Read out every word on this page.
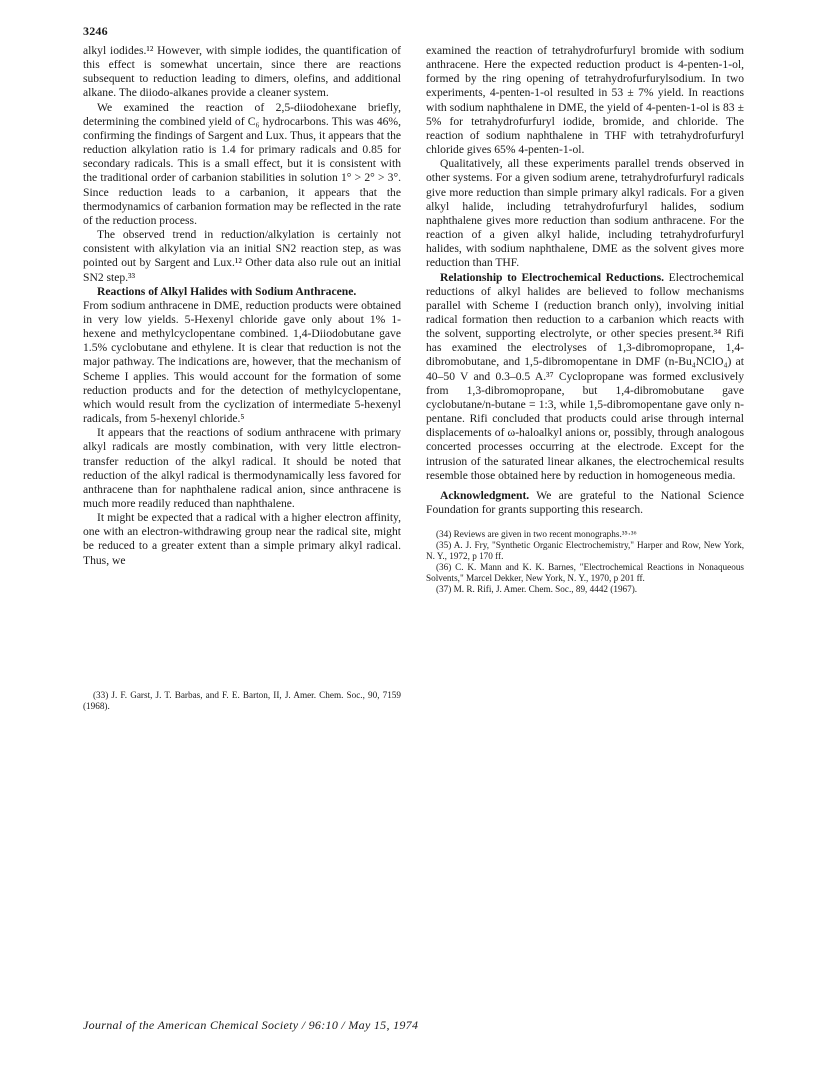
3246

alkyl iodides.¹² However, with simple iodides, the quantification of this effect is somewhat uncertain, since there are reactions subsequent to reduction leading to dimers, olefins, and additional alkane. The diiodo-alkanes provide a cleaner system.

We examined the reaction of 2,5-diiodohexane briefly, determining the combined yield of C₆ hydrocarbons. This was 46%, confirming the findings of Sargent and Lux. Thus, it appears that the reduction alkylation ratio is 1.4 for primary radicals and 0.85 for secondary radicals. This is a small effect, but it is consistent with the traditional order of carbanion stabilities in solution 1° > 2° > 3°. Since reduction leads to a carbanion, it appears that the thermodynamics of carbanion formation may be reflected in the rate of the reduction process.

The observed trend in reduction/alkylation is certainly not consistent with alkylation via an initial SN2 reaction step, as was pointed out by Sargent and Lux.¹² Other data also rule out an initial SN2 step.³³

Reactions of Alkyl Halides with Sodium Anthracene.

From sodium anthracene in DME, reduction products were obtained in very low yields. 5-Hexenyl chloride gave only about 1% 1-hexene and methylcyclopentane combined. 1,4-Diiodobutane gave 1.5% cyclobutane and ethylene. It is clear that reduction is not the major pathway. The indications are, however, that the mechanism of Scheme I applies. This would account for the formation of some reduction products and for the detection of methylcyclopentane, which would result from the cyclization of intermediate 5-hexenyl radicals, from 5-hexenyl chloride.⁵

It appears that the reactions of sodium anthracene with primary alkyl radicals are mostly combination, with very little electron-transfer reduction of the alkyl radical. It should be noted that reduction of the alkyl radical is thermodynamically less favored for anthracene than for naphthalene radical anion, since anthracene is much more readily reduced than naphthalene.

It might be expected that a radical with a higher electron affinity, one with an electron-withdrawing group near the radical site, might be reduced to a greater extent than a simple primary alkyl radical. Thus, we

(33) J. F. Garst, J. T. Barbas, and F. E. Barton, II, J. Amer. Chem. Soc., 90, 7159 (1968).

examined the reaction of tetrahydrofurfuryl bromide with sodium anthracene. Here the expected reduction product is 4-penten-1-ol, formed by the ring opening of tetrahydrofurfurylsodium. In two experiments, 4-penten-1-ol resulted in 53 ± 7% yield. In reactions with sodium naphthalene in DME, the yield of 4-penten-1-ol is 83 ± 5% for tetrahydrofurfuryl iodide, bromide, and chloride. The reaction of sodium naphthalene in THF with tetrahydrofurfuryl chloride gives 65% 4-penten-1-ol.

Qualitatively, all these experiments parallel trends observed in other systems. For a given sodium arene, tetrahydrofurfuryl radicals give more reduction than simple primary alkyl radicals. For a given alkyl halide, including tetrahydrofurfuryl halides, sodium naphthalene gives more reduction than sodium anthracene. For the reaction of a given alkyl halide, including tetrahydrofurfuryl halides, with sodium naphthalene, DME as the solvent gives more reduction than THF.

Relationship to Electrochemical Reductions. Electrochemical reductions of alkyl halides are believed to follow mechanisms parallel with Scheme I (reduction branch only), involving initial radical formation then reduction to a carbanion which reacts with the solvent, supporting electrolyte, or other species present.³⁴ Rifi has examined the electrolyses of 1,3-dibromopropane, 1,4-dibromobutane, and 1,5-dibromopentane in DMF (n-Bu₄NClO₄) at 40–50 V and 0.3–0.5 A.³⁷ Cyclopropane was formed exclusively from 1,3-dibromopropane, but 1,4-dibromobutane gave cyclobutane/n-butane = 1:3, while 1,5-dibromopentane gave only n-pentane. Rifi concluded that products could arise through internal displacements of ω-haloalkyl anions or, possibly, through analogous concerted processes occurring at the electrode. Except for the intrusion of the saturated linear alkanes, the electrochemical results resemble those obtained here by reduction in homogeneous media.

Acknowledgment. We are grateful to the National Science Foundation for grants supporting this research.

(34) Reviews are given in two recent monographs.³⁵·³⁶

(35) A. J. Fry, "Synthetic Organic Electrochemistry," Harper and Row, New York, N. Y., 1972, p 170 ff.

(36) C. K. Mann and K. K. Barnes, "Electrochemical Reactions in Nonaqueous Solvents," Marcel Dekker, New York, N. Y., 1970, p 201 ff.

(37) M. R. Rifi, J. Amer. Chem. Soc., 89, 4442 (1967).

Journal of the American Chemical Society / 96:10 / May 15, 1974
